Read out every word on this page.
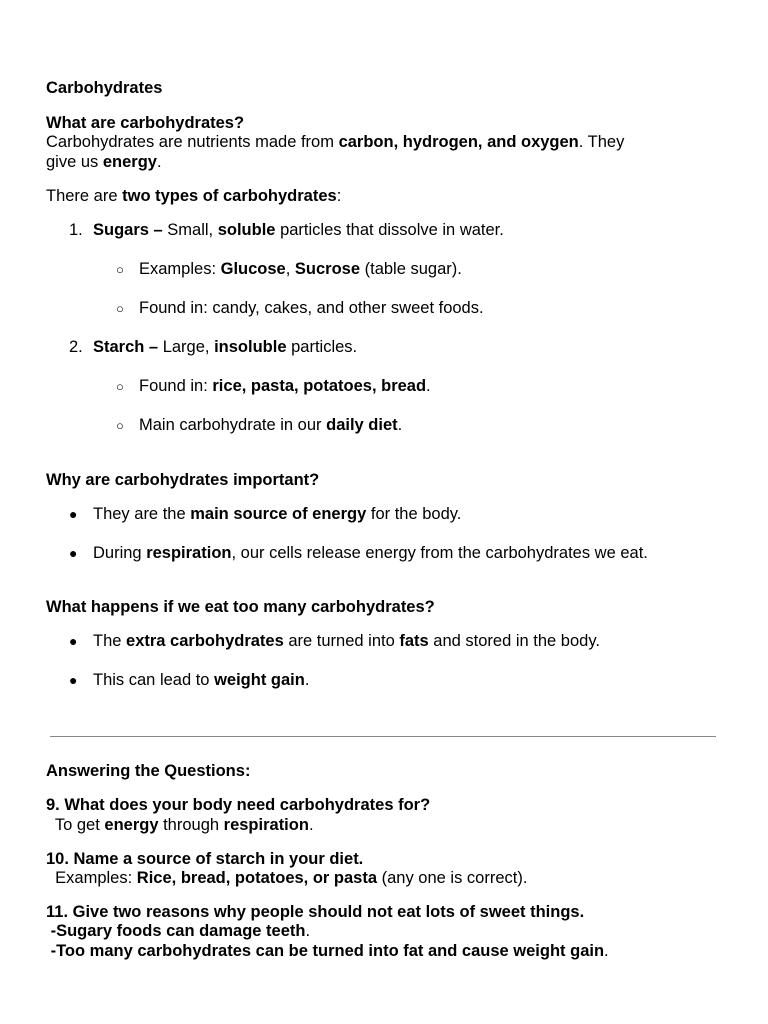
Carbohydrates
What are carbohydrates?
Carbohydrates are nutrients made from carbon, hydrogen, and oxygen. They
give us energy.
There are two types of carbohydrates:
1. Sugars – Small, soluble particles that dissolve in water.
○ Examples: Glucose, Sucrose (table sugar).
○ Found in: candy, cakes, and other sweet foods.
2. Starch – Large, insoluble particles.
○ Found in: rice, pasta, potatoes, bread.
○ Main carbohydrate in our daily diet.
Why are carbohydrates important?
● They are the main source of energy for the body.
● During respiration, our cells release energy from the carbohydrates we eat.
What happens if we eat too many carbohydrates?
● The extra carbohydrates are turned into fats and stored in the body.
● This can lead to weight gain.
Answering the Questions:
9. What does your body need carbohydrates for?
To get energy through respiration.
10. Name a source of starch in your diet.
Examples: Rice, bread, potatoes, or pasta (any one is correct).
11. Give two reasons why people should not eat lots of sweet things.
-Sugary foods can damage teeth.
-Too many carbohydrates can be turned into fat and cause weight gain.
